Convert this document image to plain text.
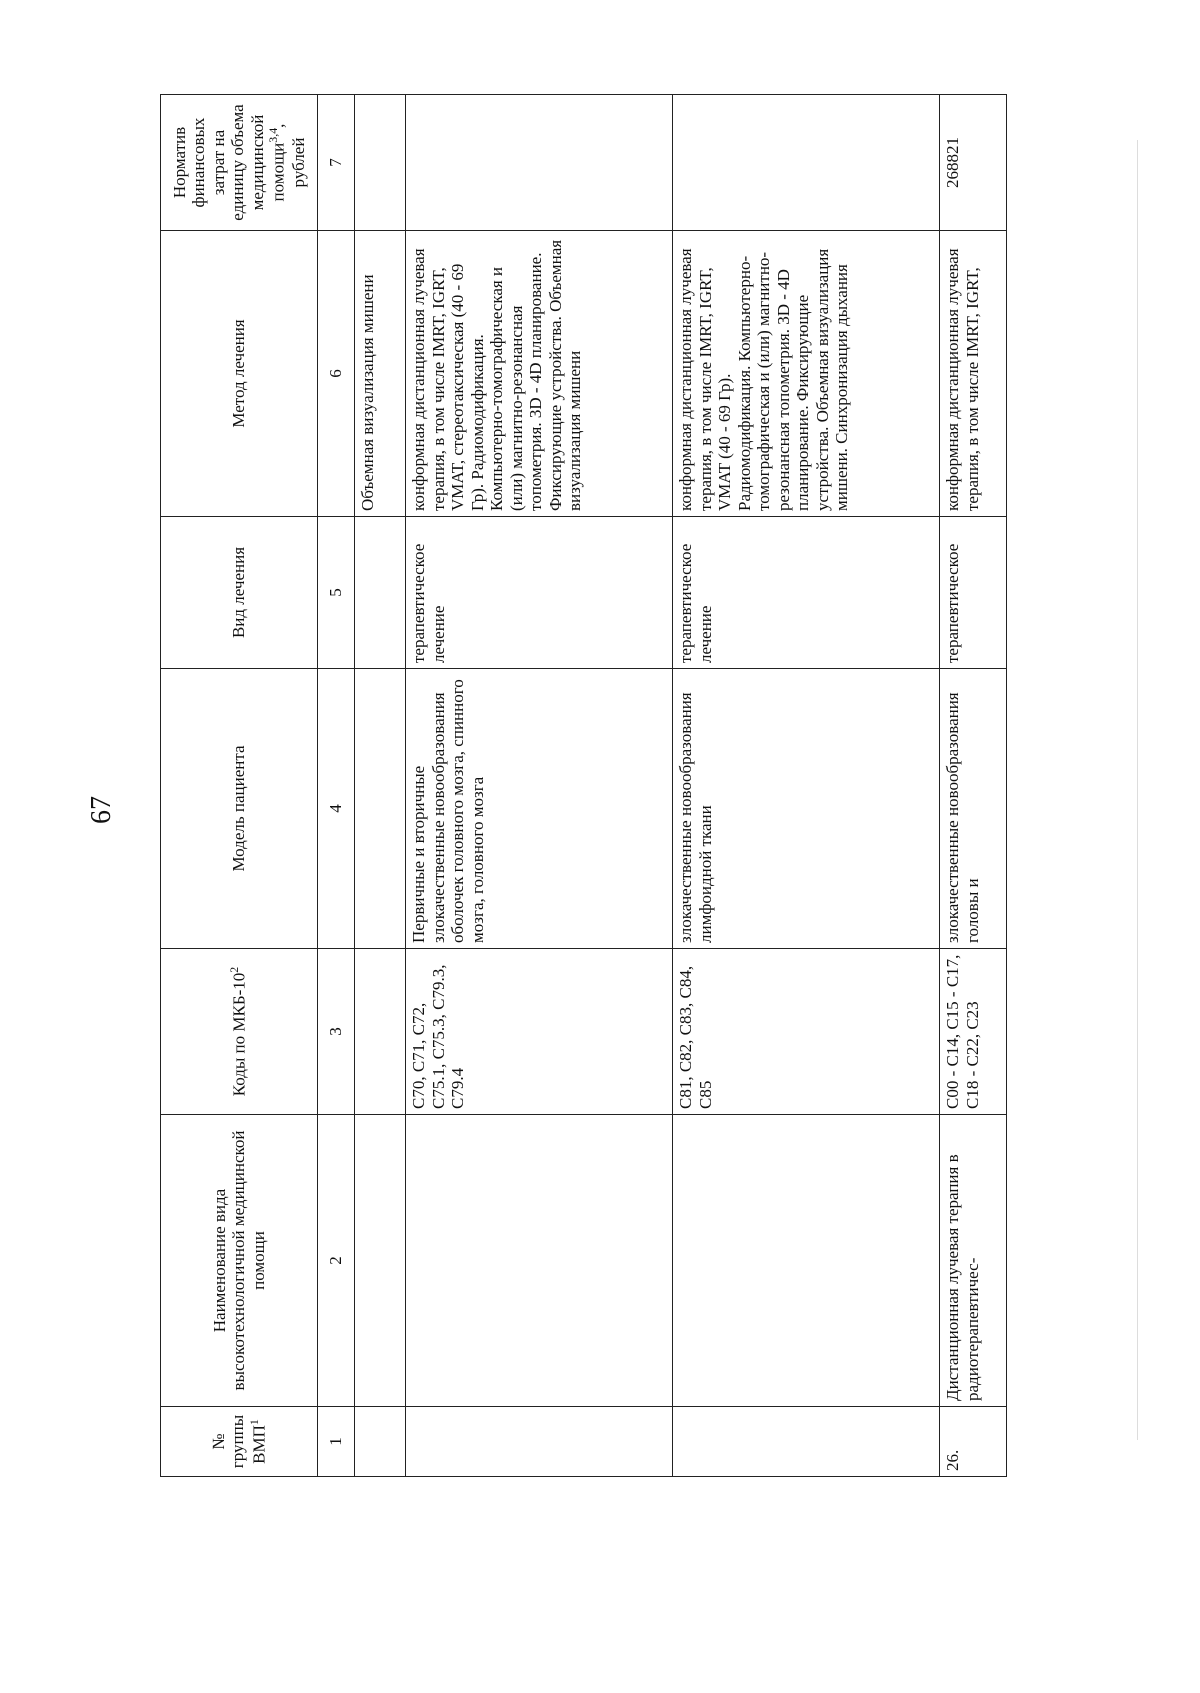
67
№ группы ВМП$^1$	Наименование вида высокотехнологичной медицинской помощи	Коды по МКБ-$10^2$	Модель пациента	Вид лечения	Метод лечения	Норматив финансовых затрат на единицу объема медицинской помощи$^{3,4}$, рублей
1	2	3	4	5	6	7
					Объемная визуализация мишени	
		C70, C71, C72, C75.1, C75.3, C79.3, C79.4	Первичные и вторичные злокачественные новообразования оболочек головного мозга, спинного мозга, головного мозга	терапевтическое лечение	конформная дистанционная лучевая терапия, в том числе IMRT, IGRT, VMAT, стереотаксическая (40 - 69 Гр). Радиомодификация. Компьютерно-томографическая и (или) магнитно-резонансная топометрия. 3D - 4D планирование. Фиксирующие устройства. Объемная визуализация мишени	
		C81, C82, C83, C84, C85	злокачественные новообразования лимфоидной ткани	терапевтическое лечение	конформная дистанционная лучевая терапия, в том числе IMRT, IGRT, VMAT (40 - 69 Гр). Радиомодификация. Компьютерно-томографическая и (или) магнитно-резонансная топометрия. 3D - 4D планирование. Фиксирующие устройства. Объемная визуализация мишени. Синхронизация дыхания	
26.	Дистанционная лучевая терапия в радиотерапевтичес-	C00 - C14, C15 - C17, C18 - C22, C23	злокачественные новообразования головы и	терапевтическое	конформная дистанционная лучевая терапия, в том числе IMRT, IGRT,	268821
